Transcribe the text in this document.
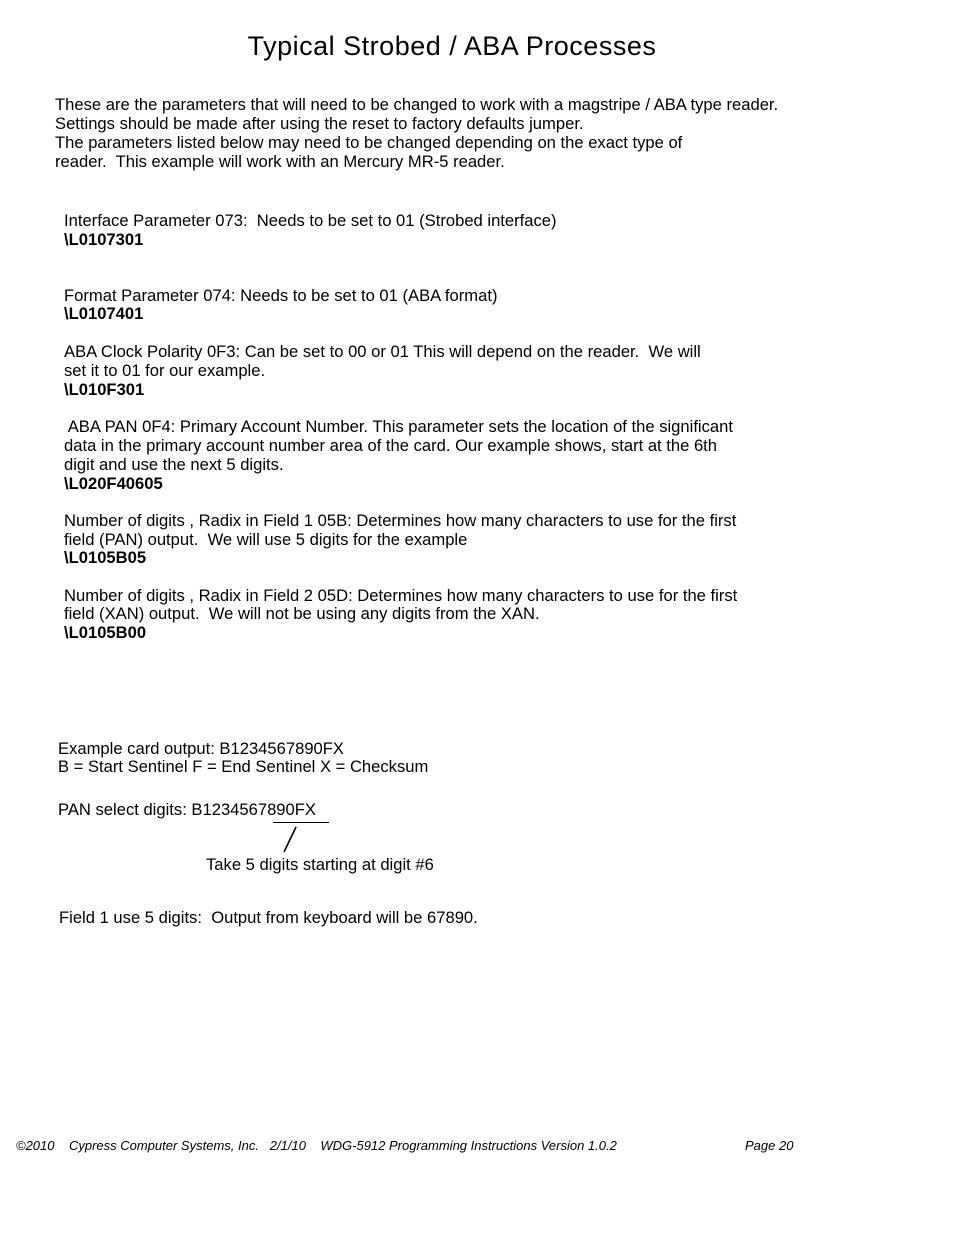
Typical Strobed / ABA Processes
These are the parameters that will need to be changed to work with a magstripe / ABA type reader.
Settings should be made after using the reset to factory defaults jumper.
The parameters listed below may need to be changed depending on the exact type of
reader.  This example will work with an Mercury MR-5 reader.
Interface Parameter 073:  Needs to be set to 01 (Strobed interface)
\L0107301
Format Parameter 074: Needs to be set to 01 (ABA format)
\L0107401
ABA Clock Polarity 0F3: Can be set to 00 or 01 This will depend on the reader.  We will
set it to 01 for our example.
\L010F301
ABA PAN 0F4: Primary Account Number. This parameter sets the location of the significant
data in the primary account number area of the card. Our example shows, start at the 6th
digit and use the next 5 digits.
\L020F40605
Number of digits , Radix in Field 1 05B: Determines how many characters to use for the first
field (PAN) output.  We will use 5 digits for the example
\L0105B05
Number of digits , Radix in Field 2 05D: Determines how many characters to use for the first
field (XAN) output.  We will not be using any digits from the XAN.
\L0105B00
Example card output: B1234567890FX
B = Start Sentinel F = End Sentinel X = Checksum
PAN select digits: B1234567890FX
Take 5 digits starting at digit #6
Field 1 use 5 digits:  Output from keyboard will be 67890.
©2010    Cypress Computer Systems, Inc.   2/1/10    WDG-5912 Programming Instructions Version 1.0.2	Page 20
